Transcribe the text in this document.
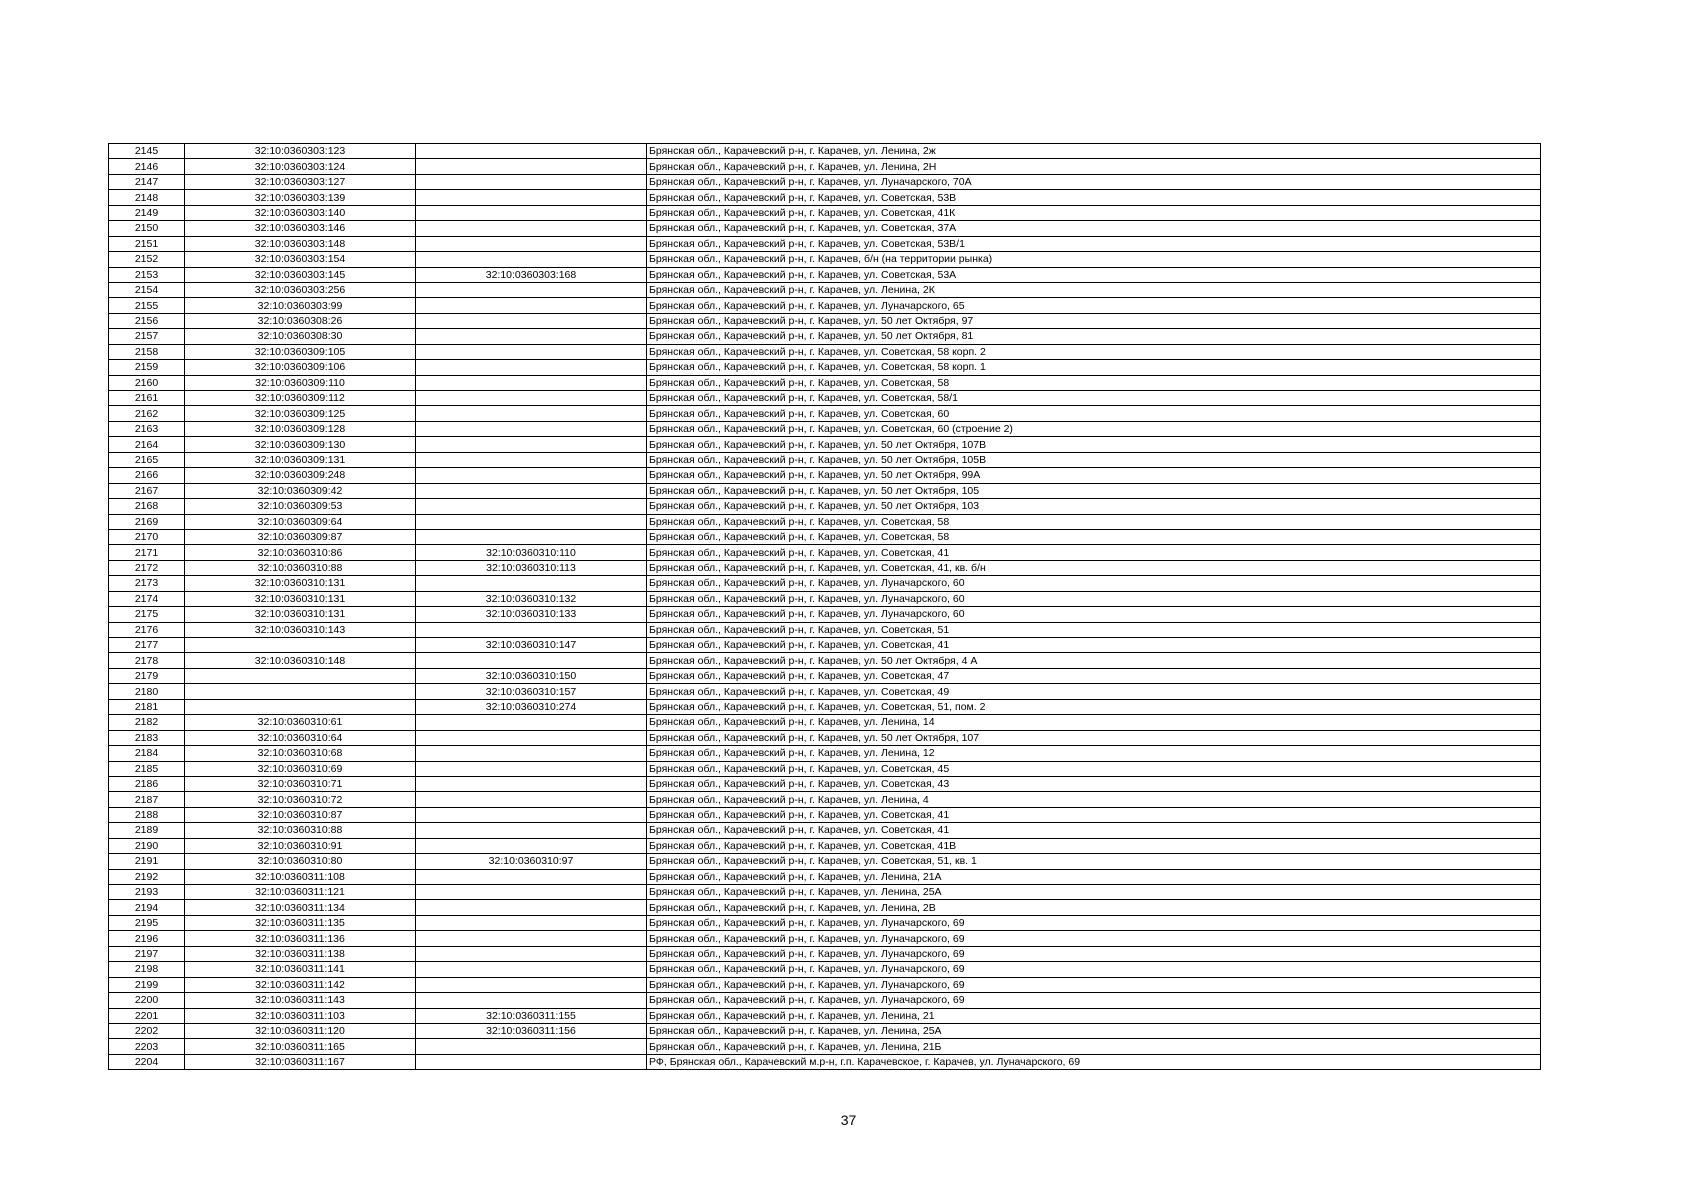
2145	32:10:0360303:123		Брянская обл., Карачевский р-н, г. Карачев, ул. Ленина, 2ж
2146	32:10:0360303:124		Брянская обл., Карачевский р-н, г. Карачев, ул. Ленина, 2Н
2147	32:10:0360303:127		Брянская обл., Карачевский р-н, г. Карачев, ул. Луначарского, 70А
2148	32:10:0360303:139		Брянская обл., Карачевский р-н, г. Карачев, ул. Советская, 53В
2149	32:10:0360303:140		Брянская обл., Карачевский р-н, г. Карачев, ул. Советская, 41К
2150	32:10:0360303:146		Брянская обл., Карачевский р-н, г. Карачев, ул. Советская, 37А
2151	32:10:0360303:148		Брянская обл., Карачевский р-н, г. Карачев, ул. Советская, 53В/1
2152	32:10:0360303:154		Брянская обл., Карачевский р-н, г. Карачев, б/н (на территории рынка)
2153	32:10:0360303:145	32:10:0360303:168	Брянская обл., Карачевский р-н, г. Карачев, ул. Советская, 53А
2154	32:10:0360303:256		Брянская обл., Карачевский р-н, г. Карачев, ул. Ленина, 2К
2155	32:10:0360303:99		Брянская обл., Карачевский р-н, г. Карачев, ул. Луначарского, 65
2156	32:10:0360308:26		Брянская обл., Карачевский р-н, г. Карачев, ул. 50 лет Октября, 97
2157	32:10:0360308:30		Брянская обл., Карачевский р-н, г. Карачев, ул. 50 лет Октября, 81
2158	32:10:0360309:105		Брянская обл., Карачевский р-н, г. Карачев, ул. Советская, 58 корп. 2
2159	32:10:0360309:106		Брянская обл., Карачевский р-н, г. Карачев, ул. Советская, 58 корп. 1
2160	32:10:0360309:110		Брянская обл., Карачевский р-н, г. Карачев, ул. Советская, 58
2161	32:10:0360309:112		Брянская обл., Карачевский р-н, г. Карачев, ул. Советская, 58/1
2162	32:10:0360309:125		Брянская обл., Карачевский р-н, г. Карачев, ул. Советская, 60
2163	32:10:0360309:128		Брянская обл., Карачевский р-н, г. Карачев, ул. Советская, 60 (строение 2)
2164	32:10:0360309:130		Брянская обл., Карачевский р-н, г. Карачев, ул. 50 лет Октября, 107В
2165	32:10:0360309:131		Брянская обл., Карачевский р-н, г. Карачев, ул. 50 лет Октября, 105В
2166	32:10:0360309:248		Брянская обл., Карачевский р-н, г. Карачев, ул. 50 лет Октября, 99А
2167	32:10:0360309:42		Брянская обл., Карачевский р-н, г. Карачев, ул. 50 лет Октября, 105
2168	32:10:0360309:53		Брянская обл., Карачевский р-н, г. Карачев, ул. 50 лет Октября, 103
2169	32:10:0360309:64		Брянская обл., Карачевский р-н, г. Карачев, ул. Советская, 58
2170	32:10:0360309:87		Брянская обл., Карачевский р-н, г. Карачев, ул. Советская, 58
2171	32:10:0360310:86	32:10:0360310:110	Брянская обл., Карачевский р-н, г. Карачев, ул. Советская, 41
2172	32:10:0360310:88	32:10:0360310:113	Брянская обл., Карачевский р-н, г. Карачев, ул. Советская, 41, кв. б/н
2173	32:10:0360310:131		Брянская обл., Карачевский р-н, г. Карачев, ул. Луначарского, 60
2174	32:10:0360310:131	32:10:0360310:132	Брянская обл., Карачевский р-н, г. Карачев, ул. Луначарского, 60
2175	32:10:0360310:131	32:10:0360310:133	Брянская обл., Карачевский р-н, г. Карачев, ул. Луначарского, 60
2176	32:10:0360310:143		Брянская обл., Карачевский р-н, г. Карачев, ул. Советская, 51
2177		32:10:0360310:147	Брянская обл., Карачевский р-н, г. Карачев, ул. Советская, 41
2178	32:10:0360310:148		Брянская обл., Карачевский р-н, г. Карачев, ул. 50 лет Октября, 4 А
2179		32:10:0360310:150	Брянская обл., Карачевский р-н, г. Карачев, ул. Советская, 47
2180		32:10:0360310:157	Брянская обл., Карачевский р-н, г. Карачев, ул. Советская, 49
2181		32:10:0360310:274	Брянская обл., Карачевский р-н, г. Карачев, ул. Советская, 51, пом. 2
2182	32:10:0360310:61		Брянская обл., Карачевский р-н, г. Карачев, ул. Ленина, 14
2183	32:10:0360310:64		Брянская обл., Карачевский р-н, г. Карачев, ул. 50 лет Октября, 107
2184	32:10:0360310:68		Брянская обл., Карачевский р-н, г. Карачев, ул. Ленина, 12
2185	32:10:0360310:69		Брянская обл., Карачевский р-н, г. Карачев, ул. Советская, 45
2186	32:10:0360310:71		Брянская обл., Карачевский р-н, г. Карачев, ул. Советская, 43
2187	32:10:0360310:72		Брянская обл., Карачевский р-н, г. Карачев, ул. Ленина, 4
2188	32:10:0360310:87		Брянская обл., Карачевский р-н, г. Карачев, ул. Советская, 41
2189	32:10:0360310:88		Брянская обл., Карачевский р-н, г. Карачев, ул. Советская, 41
2190	32:10:0360310:91		Брянская обл., Карачевский р-н, г. Карачев, ул. Советская, 41В
2191	32:10:0360310:80	32:10:0360310:97	Брянская обл., Карачевский р-н, г. Карачев, ул. Советская, 51, кв. 1
2192	32:10:0360311:108		Брянская обл., Карачевский р-н, г. Карачев, ул. Ленина, 21А
2193	32:10:0360311:121		Брянская обл., Карачевский р-н, г. Карачев, ул. Ленина, 25А
2194	32:10:0360311:134		Брянская обл., Карачевский р-н, г. Карачев, ул. Ленина, 2В
2195	32:10:0360311:135		Брянская обл., Карачевский р-н, г. Карачев, ул. Луначарского, 69
2196	32:10:0360311:136		Брянская обл., Карачевский р-н, г. Карачев, ул. Луначарского, 69
2197	32:10:0360311:138		Брянская обл., Карачевский р-н, г. Карачев, ул. Луначарского, 69
2198	32:10:0360311:141		Брянская обл., Карачевский р-н, г. Карачев, ул. Луначарского, 69
2199	32:10:0360311:142		Брянская обл., Карачевский р-н, г. Карачев, ул. Луначарского, 69
2200	32:10:0360311:143		Брянская обл., Карачевский р-н, г. Карачев, ул. Луначарского, 69
2201	32:10:0360311:103	32:10:0360311:155	Брянская обл., Карачевский р-н, г. Карачев, ул. Ленина, 21
2202	32:10:0360311:120	32:10:0360311:156	Брянская обл., Карачевский р-н, г. Карачев, ул. Ленина, 25А
2203	32:10:0360311:165		Брянская обл., Карачевский р-н, г. Карачев, ул. Ленина, 21Б
2204	32:10:0360311:167		РФ, Брянская обл., Карачевский м.р-н, г.п. Карачевское, г. Карачев, ул. Луначарского, 69
37
